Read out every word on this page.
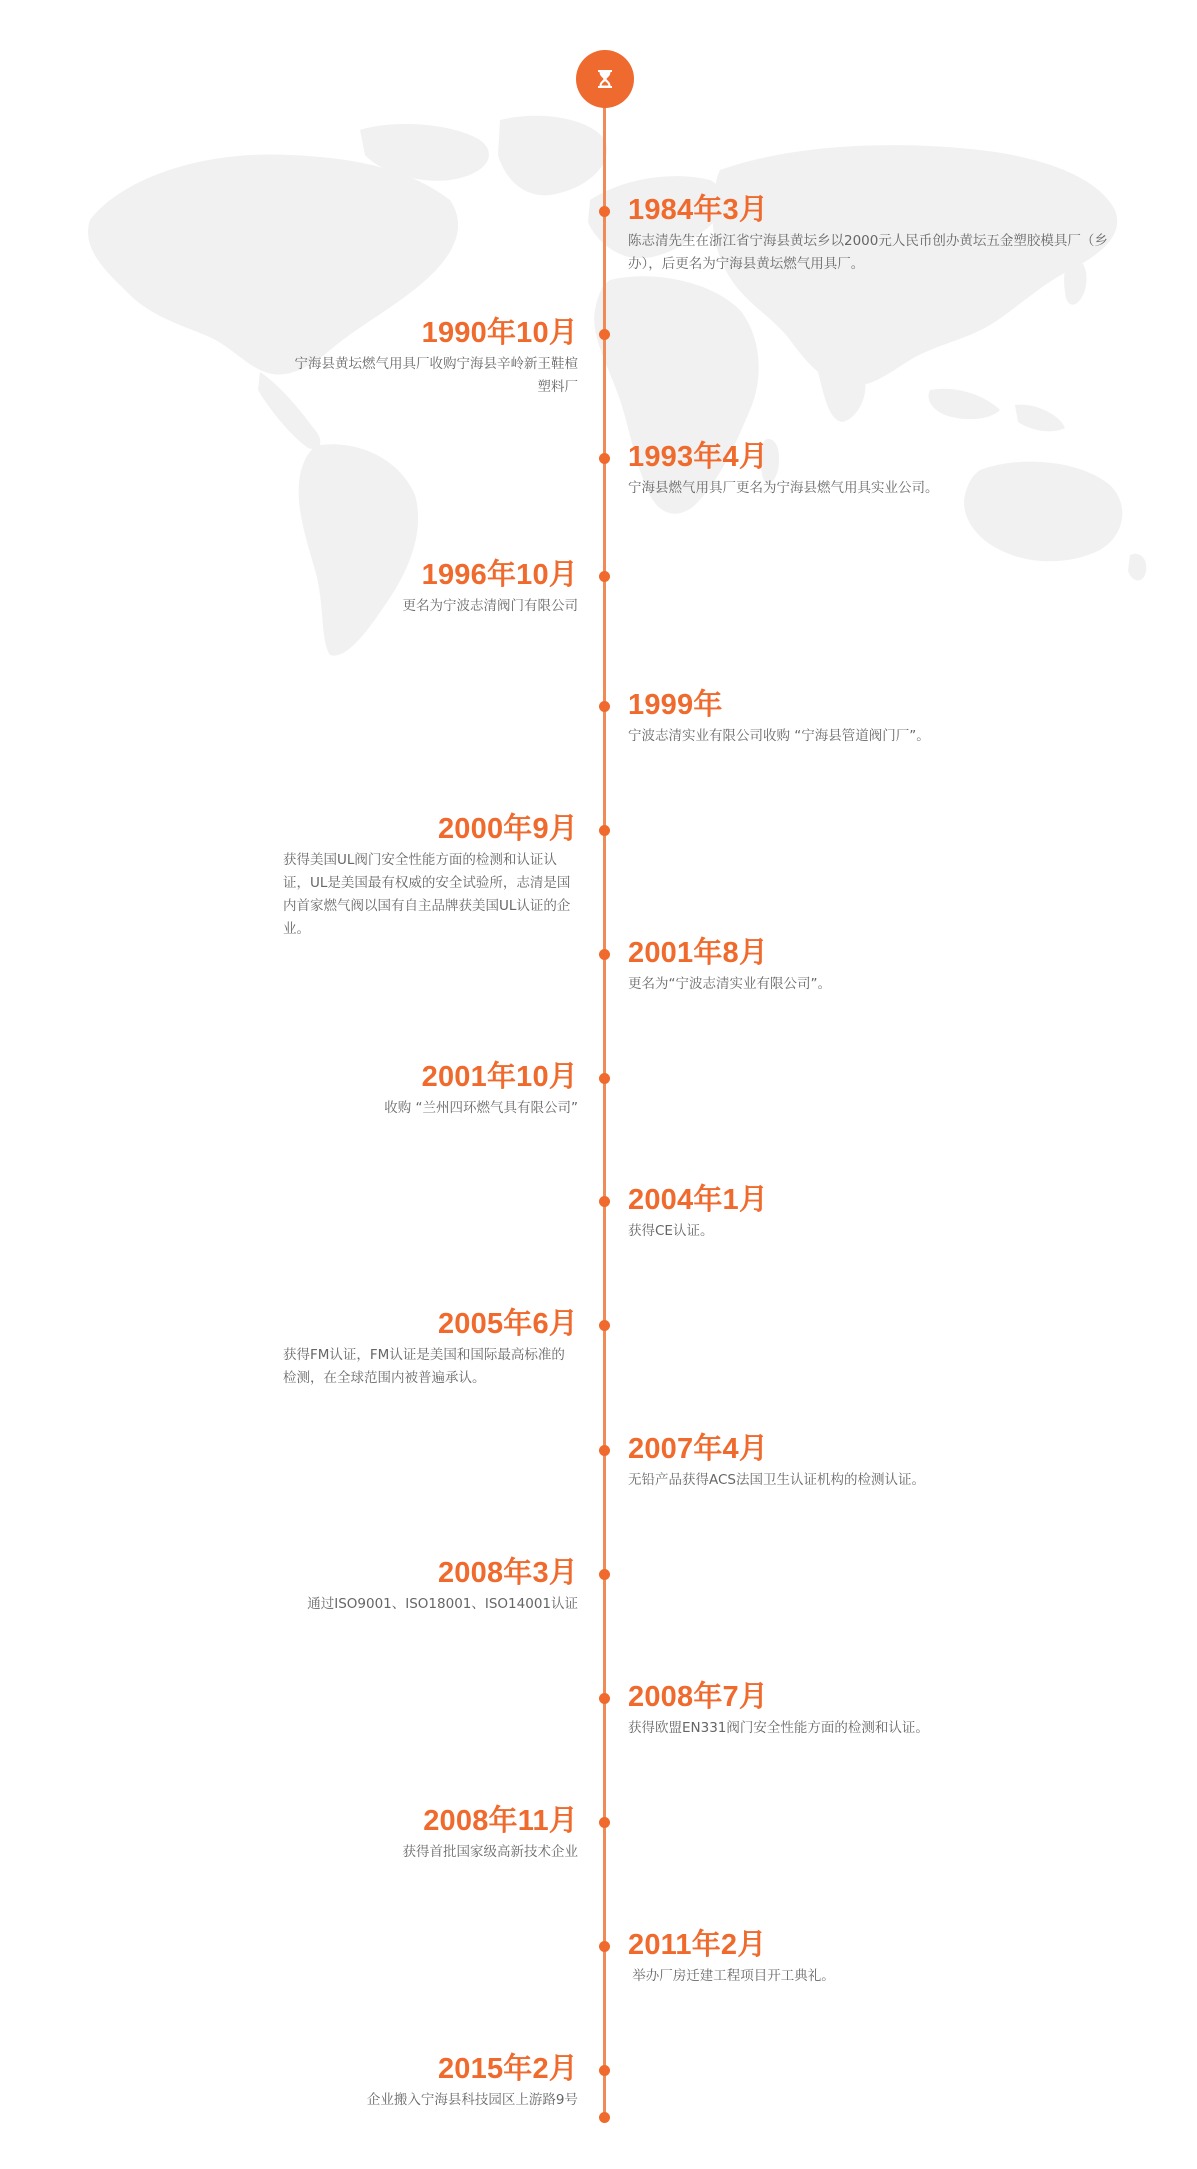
1984年3月
陈志清先生在浙江省宁海县黄坛乡以2000元人民币创办黄坛五金塑胶模具厂（乡办），后更名为宁海县黄坛燃气用具厂。
1990年10月
宁海县黄坛燃气用具厂收购宁海县辛岭新王鞋楦塑料厂
1993年4月
宁海县燃气用具厂更名为宁海县燃气用具实业公司。
1996年10月
更名为宁波志清阀门有限公司
1999年
宁波志清实业有限公司收购 “宁海县管道阀门厂”。
2000年9月
获得美国UL阀门安全性能方面的检测和认证认证，UL是美国最有权威的安全试验所，志清是国内首家燃气阀以国有自主品牌获美国UL认证的企业。
2001年8月
更名为“宁波志清实业有限公司”。
2001年10月
收购 “兰州四环燃气具有限公司”
2004年1月
获得CE认证。
2005年6月
获得FM认证，FM认证是美国和国际最高标准的检测，在全球范围内被普遍承认。
2007年4月
无铅产品获得ACS法国卫生认证机构的检测认证。
2008年3月
通过ISO9001、ISO18001、ISO14001认证
2008年7月
获得欧盟EN331阀门安全性能方面的检测和认证。
2008年11月
获得首批国家级高新技术企业
2011年2月
举办厂房迁建工程项目开工典礼。
2015年2月
企业搬入宁海县科技园区上游路9号
